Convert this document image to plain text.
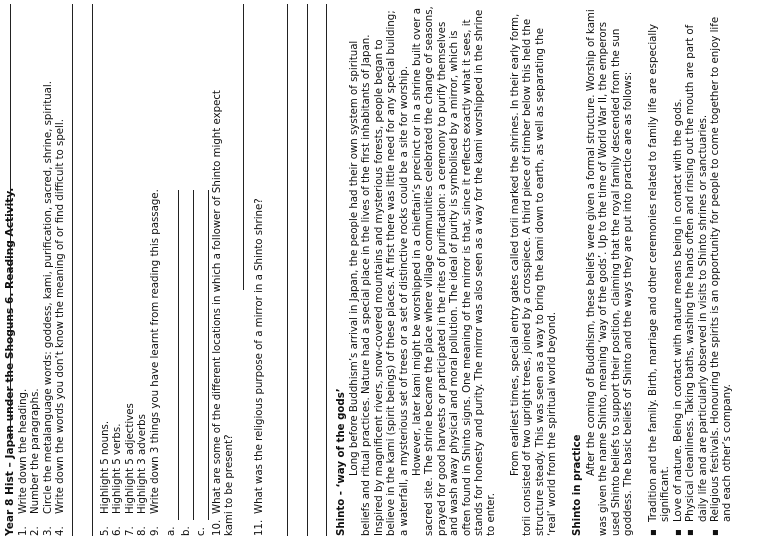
Year 8 Hist – Japan under the Shoguns 6. Reading Activity. 1.Write down the heading.
2.Number the paragraphs.
3.Circle the metalanguage words: goddess, kami, purification, sacred, shrine, spiritual.
4.Write down the words you don’t know the meaning of or find difficult to spell.
5.Highlight 5 nouns.
6.Highlight 5 verbs.
7.Highlight 5 adjectives
8.Highlight 3 adverbs
9.Write down 3 things you have learnt from reading this passage.
a. b. c. 10.What are some of the different locations in which a follower of Shinto might expect
kami to be present? 11.What was the religious purpose of a mirror in a Shinto shrine?	Shinto - ‘way of the gods’ Long before Buddhism’s arrival in Japan, the people had their own system of spiritual beliefs and ritual practices. Nature had a special place in the lives of the first inhabitants of Japan. Inspired by magnificent rivers, snow-covered mountains and mysterious forests, people began to believe in the kami (spirit beings) of these places. At first there was little need for any special building; a waterfall, a mysterious set of trees or a set of distinctive rocks could be a site for worship. However, later kami might be worshipped in a chieftain’s precinct or in a shrine built over a sacred site. The shrine became the place where village communities celebrated the change of seasons, prayed for good harvests or participated in the rites of purification: a ceremony to purify themselves and wash away physical and moral pollution. The ideal of purity is symbolised by a mirror, which is often found in Shinto signs. One meaning of the mirror is that, since it reflects exactly what it sees, it stands for honesty and purity. The mirror was also seen as a way for the kami worshipped in the shrine to enter.

From earliest times, special entry gates called torii marked the shrines. In their early form, torii consisted of two upright trees, joined by a crosspiece. A third piece of timber below this held the structure steady. This was seen as a way to bring the kami down to earth, as well as separating the ‘real’ world from the spiritual world beyond. Shinto in practice

After the coming of Buddhism, these beliefs were given a formal structure. Worship of kami was given the name Shinto, meaning ‘way of the gods’. Up to the time of World War II, the emperors used Shinto beliefs to support their position, claiming that the royal family descended from the sun goddess. The basic beliefs of Shinto and the ways they are put into practice are as follows: ▪ Tradition and the family. Birth, marriage and other ceremonies related to family life are especially significant. ▪ Love of nature. Being in contact with nature means being in contact with the gods. ▪ Physical cleanliness. Taking baths, washing the hands often and rinsing out the mouth are part of daily life and are particularly observed in visits to Shinto shrines or sanctuaries. ▪ Religious festivals. Honouring the spirits is an opportunity for people to come together to enjoy life and each other’s company.
